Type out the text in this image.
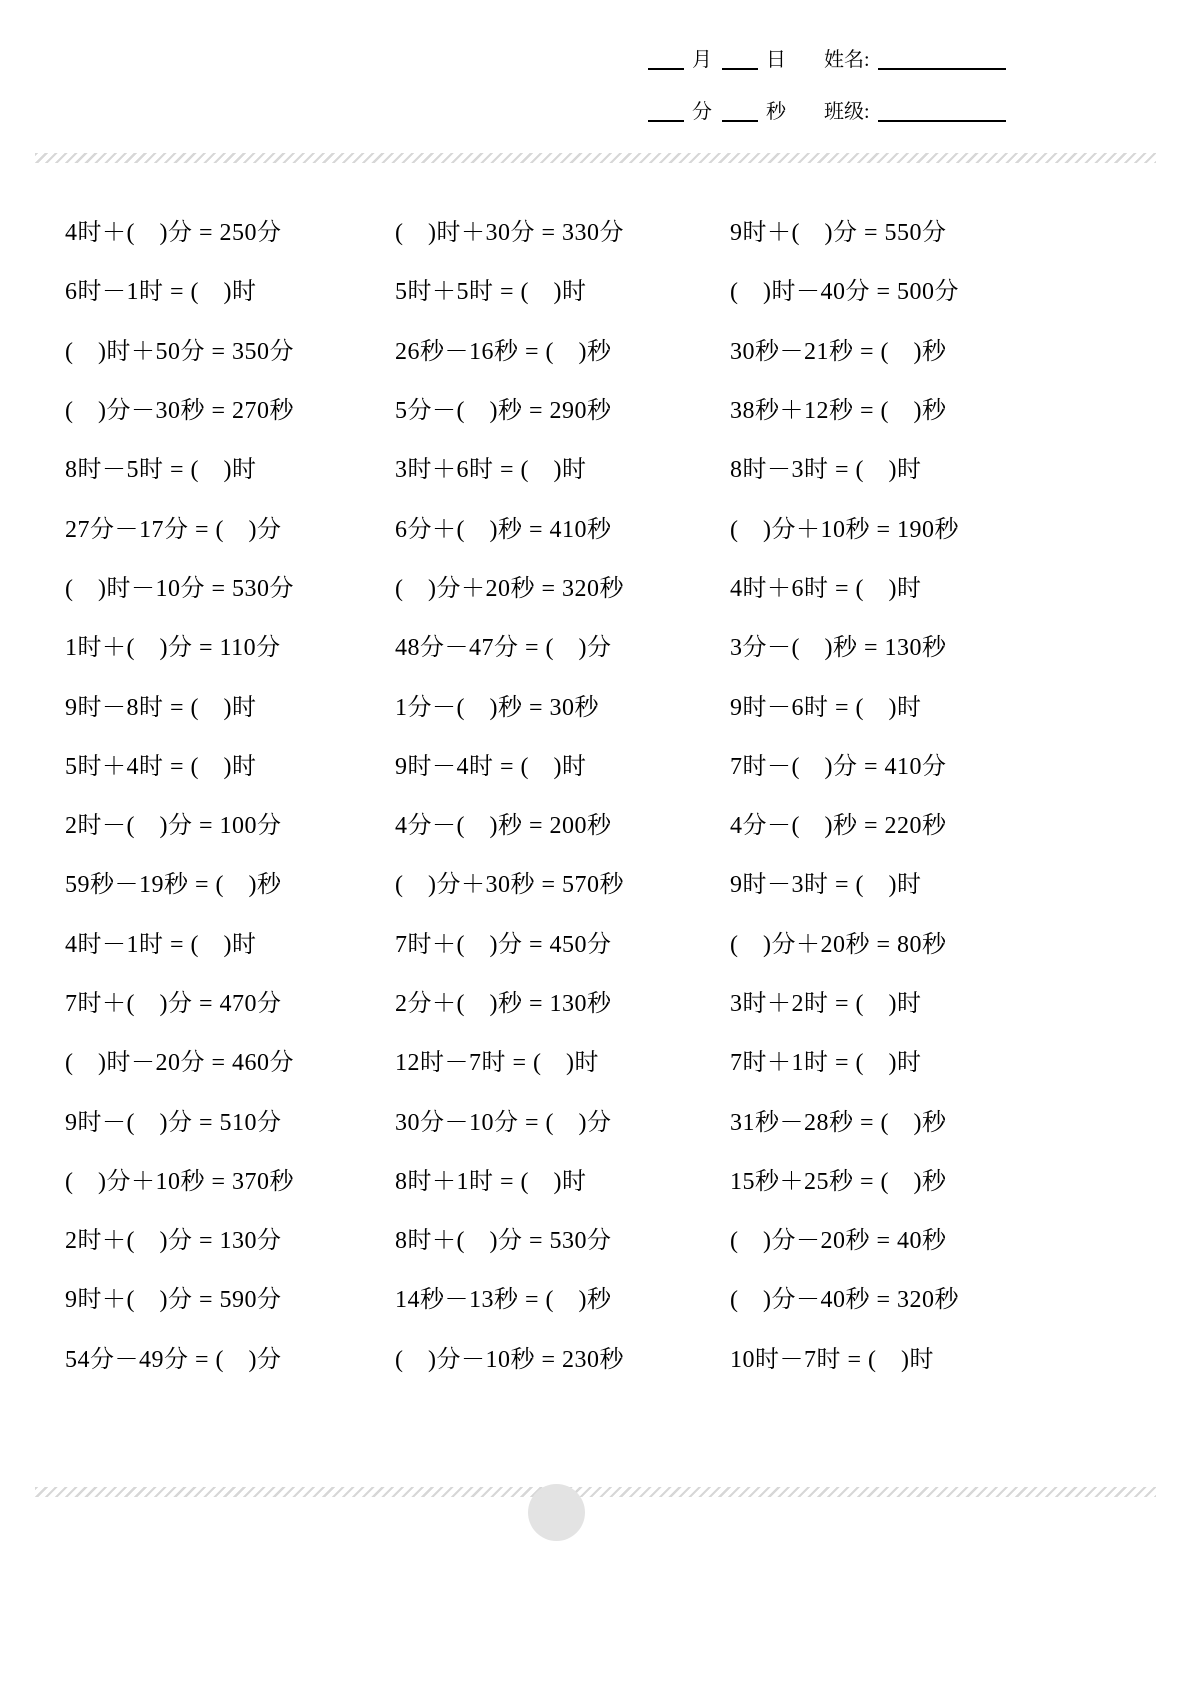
月	日 姓名:
分	秒 班级:
4时＋(　)分 = 250分
6时－1时 = (　)时
(　)时＋50分 = 350分
(　)分－30秒 = 270秒
8时－5时 = (　)时
27分－17分 = (　)分
(　)时－10分 = 530分
1时＋(　)分 = 110分
9时－8时 = (　)时
5时＋4时 = (　)时
2时－(　)分 = 100分
59秒－19秒 = (　)秒
4时－1时 = (　)时
7时＋(　)分 = 470分
(　)时－20分 = 460分
9时－(　)分 = 510分
(　)分＋10秒 = 370秒
2时＋(　)分 = 130分
9时＋(　)分 = 590分
54分－49分 = (　)分
(　)时＋30分 = 330分
5时＋5时 = (　)时
26秒－16秒 = (　)秒
5分－(　)秒 = 290秒
3时＋6时 = (　)时
6分＋(　)秒 = 410秒
(　)分＋20秒 = 320秒
48分－47分 = (　)分
1分－(　)秒 = 30秒
9时－4时 = (　)时
4分－(　)秒 = 200秒
(　)分＋30秒 = 570秒
7时＋(　)分 = 450分
2分＋(　)秒 = 130秒
12时－7时 = (　)时
30分－10分 = (　)分
8时＋1时 = (　)时
8时＋(　)分 = 530分
14秒－13秒 = (　)秒
(　)分－10秒 = 230秒
9时＋(　)分 = 550分
(　)时－40分 = 500分
30秒－21秒 = (　)秒
38秒＋12秒 = (　)秒
8时－3时 = (　)时
(　)分＋10秒 = 190秒
4时＋6时 = (　)时
3分－(　)秒 = 130秒
9时－6时 = (　)时
7时－(　)分 = 410分
4分－(　)秒 = 220秒
9时－3时 = (　)时
(　)分＋20秒 = 80秒
3时＋2时 = (　)时
7时＋1时 = (　)时
31秒－28秒 = (　)秒
15秒＋25秒 = (　)秒
(　)分－20秒 = 40秒
(　)分－40秒 = 320秒
10时－7时 = (　)时
